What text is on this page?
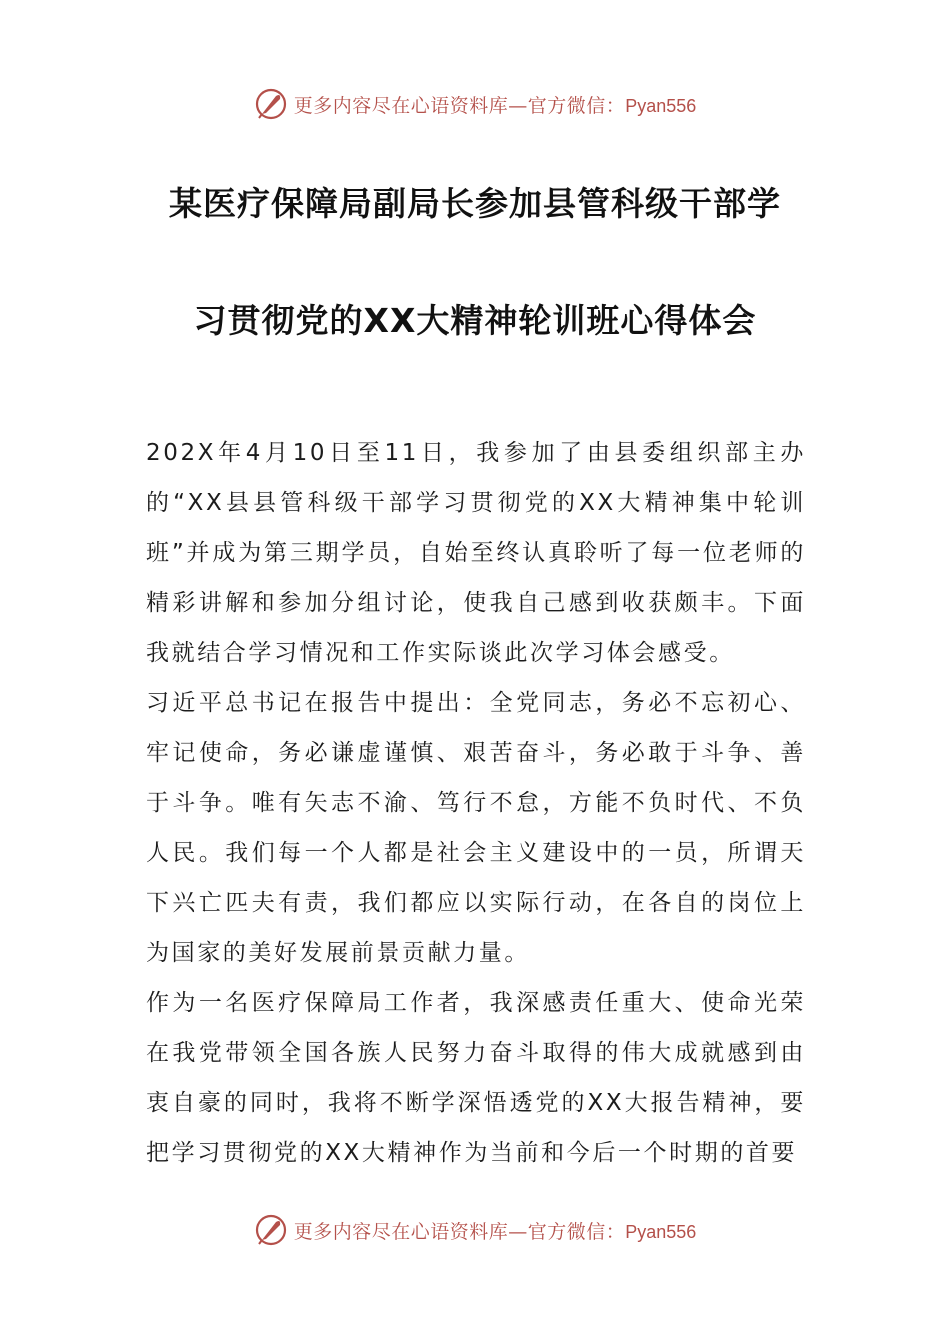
更多内容尽在心语资料库—官方微信：Pyan556
某医疗保障局副局长参加县管科级干部学
习贯彻党的XX大精神轮训班心得体会

202X年4月10日至11日，我参加了由县委组织部主办的“XX县县管科级干部学习贯彻党的XX大精神集中轮训班”并成为第三期学员，自始至终认真聆听了每一位老师的精彩讲解和参加分组讨论，使我自己感到收获颇丰。下面我就结合学习情况和工作实际谈此次学习体会感受。

习近平总书记在报告中提出：全党同志，务必不忘初心、牢记使命，务必谦虚谨慎、艰苦奋斗，务必敢于斗争、善于斗争。唯有矢志不渝、笃行不怠，方能不负时代、不负人民。我们每一个人都是社会主义建设中的一员，所谓天下兴亡匹夫有责，我们都应以实际行动，在各自的岗位上为国家的美好发展前景贡献力量。

作为一名医疗保障局工作者，我深感责任重大、使命光荣在我党带领全国各族人民努力奋斗取得的伟大成就感到由衷自豪的同时，我将不断学深悟透党的XX大报告精神，要把学习贯彻党的XX大精神作为当前和今后一个时期的首要

更多内容尽在心语资料库—官方微信：Pyan556
